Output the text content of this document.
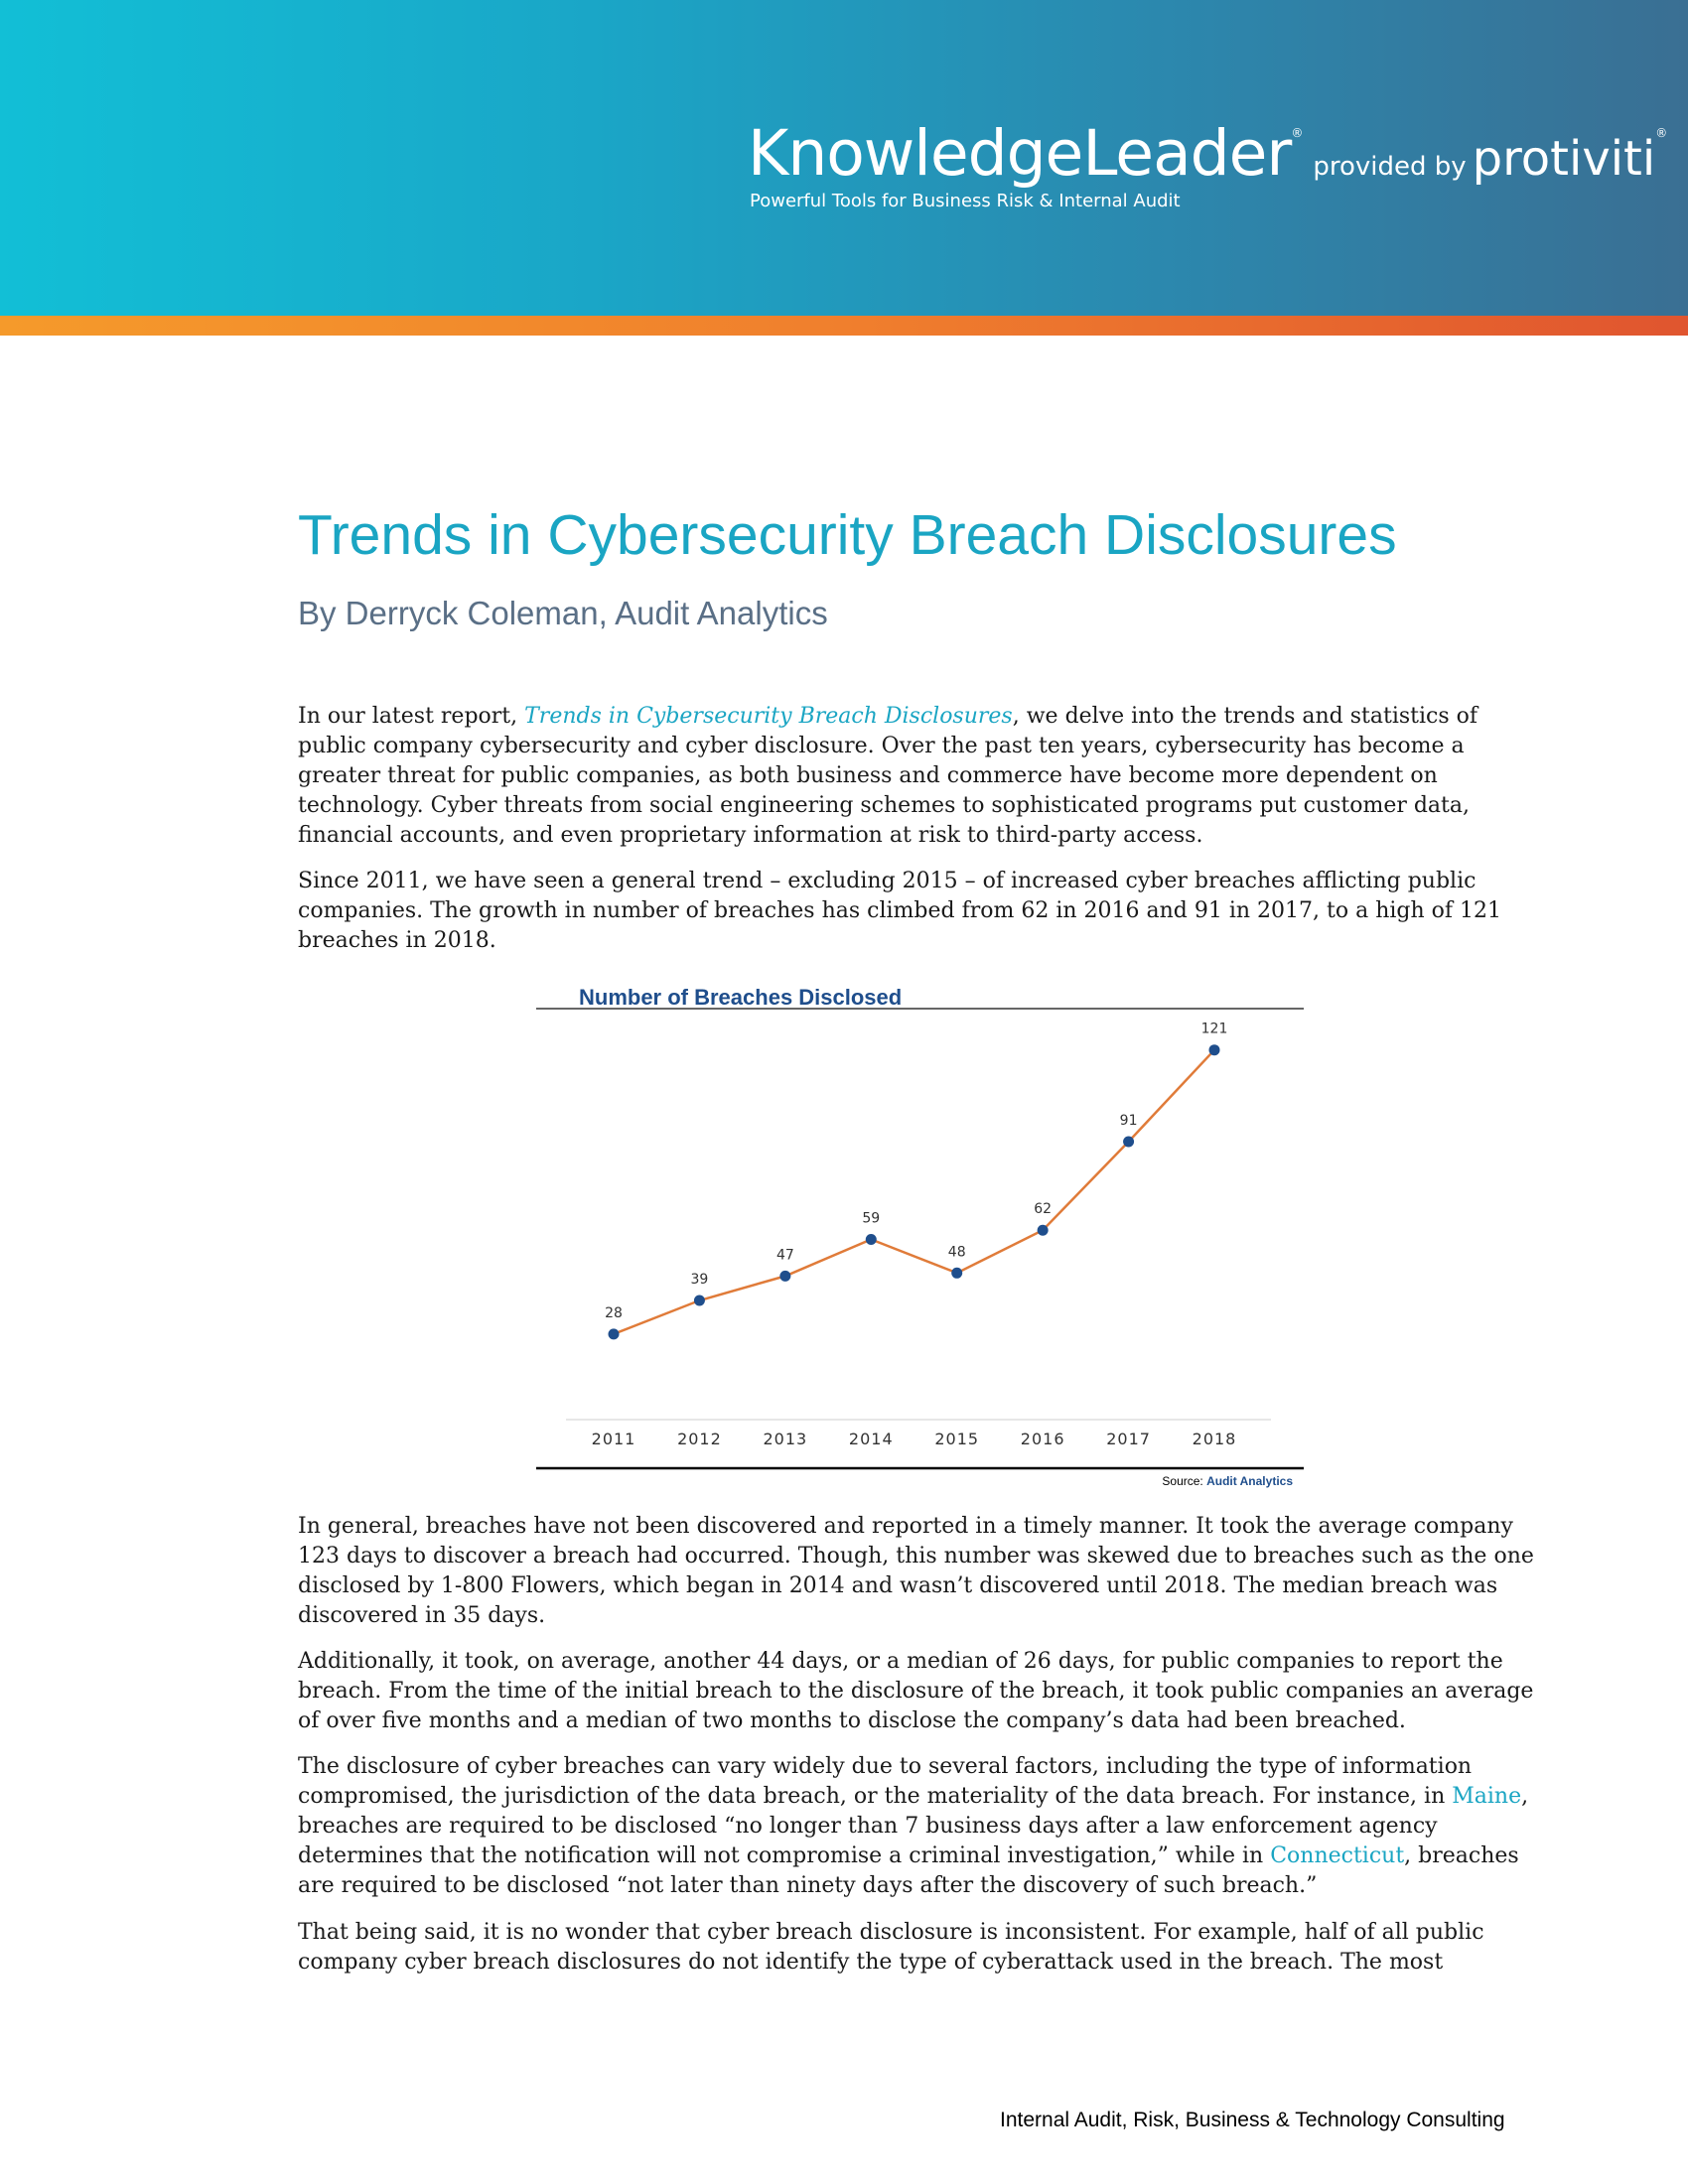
KnowledgeLeader®provided by protiviti®
Powerful Tools for Business Risk & Internal Audit
Trends in Cybersecurity Breach Disclosures
By Derryck Coleman, Audit Analytics

In our latest report, Trends in Cybersecurity Breach Disclosures, we delve into the trends and statistics of public company cybersecurity and cyber disclosure. Over the past ten years, cybersecurity has become a greater threat for public companies, as both business and commerce have become more dependent on technology. Cyber threats from social engineering schemes to sophisticated programs put customer data, financial accounts, and even proprietary information at risk to third-party access.

Since 2011, we have seen a general trend – excluding 2015 – of increased cyber breaches afflicting public companies. The growth in number of breaches has climbed from 62 in 2016 and 91 in 2017, to a high of 121 breaches in 2018.

Number of Breaches Disclosed
28
2011
39
2012
47
2013
59
2014
48
2015
62
2016
91
2017
121
2018
Source: Audit Analytics

In general, breaches have not been discovered and reported in a timely manner. It took the average company 123 days to discover a breach had occurred. Though, this number was skewed due to breaches such as the one disclosed by 1-800 Flowers, which began in 2014 and wasn’t discovered until 2018. The median breach was discovered in 35 days.

Additionally, it took, on average, another 44 days, or a median of 26 days, for public companies to report the breach. From the time of the initial breach to the disclosure of the breach, it took public companies an average of over five months and a median of two months to disclose the company’s data had been breached.

The disclosure of cyber breaches can vary widely due to several factors, including the type of information compromised, the jurisdiction of the data breach, or the materiality of the data breach. For instance, in Maine, breaches are required to be disclosed “no longer than 7 business days after a law enforcement agency determines that the notification will not compromise a criminal investigation,” while in Connecticut, breaches are required to be disclosed “not later than ninety days after the discovery of such breach.”

That being said, it is no wonder that cyber breach disclosure is inconsistent. For example, half of all public company cyber breach disclosures do not identify the type of cyberattack used in the breach. The most

Internal Audit, Risk, Business & Technology Consulting
